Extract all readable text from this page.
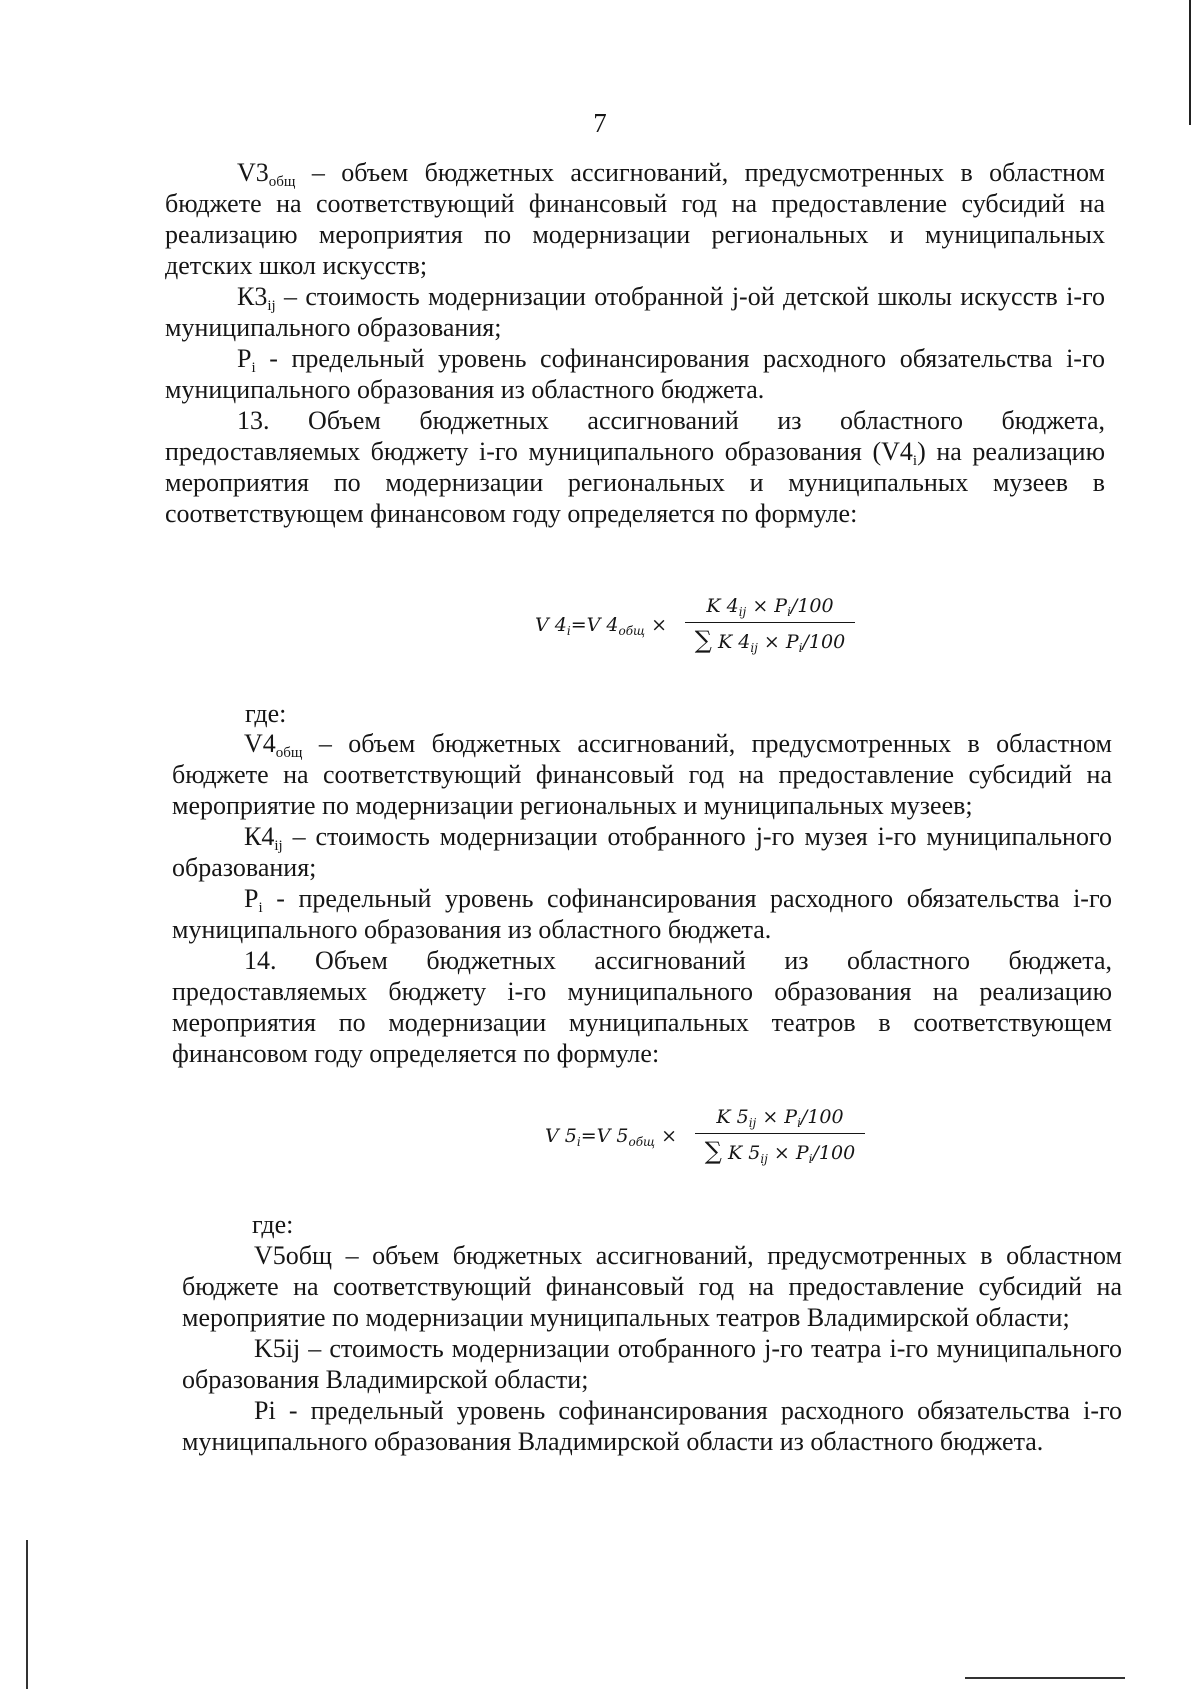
7

$V3_{общ}$ – объем бюджетных ассигнований, предусмотренных в областном бюджете на соответствующий финансовый год на предоставление субсидий на реализацию мероприятия по модернизации региональных и муниципальных детских школ искусств;

$К3_{ij}$ – стоимость модернизации отобранной j-ой детской школы искусств i-го муниципального образования;

$P_i$ - предельный уровень софинансирования расходного обязательства i-го муниципального образования из областного бюджета.

13. Объем бюджетных ассигнований из областного бюджета, предоставляемых бюджету i-го муниципального образования $(V4_i)$ на реализацию мероприятия по модернизации региональных и муниципальных музеев в соответствующем финансовом году определяется по формуле:

V $4_i=V$ $4_{общ}$ ×
K $4_{ij} \times P_i/100$
∑ K $4_{ij} \times P_i/100$
где:

$V4_{общ}$ – объем бюджетных ассигнований, предусмотренных в областном бюджете на соответствующий финансовый год на предоставление субсидий на мероприятие по модернизации региональных и муниципальных музеев;

$К4_{ij}$ – стоимость модернизации отобранного j-го музея i-го муниципального образования;

$P_i$ - предельный уровень софинансирования расходного обязательства i-го муниципального образования из областного бюджета.

14. Объем бюджетных ассигнований из областного бюджета, предоставляемых бюджету i-го муниципального образования на реализацию мероприятия по модернизации муниципальных театров в соответствующем финансовом году определяется по формуле:

V $5_i=V$ $5_{общ}$ ×
K $5_{ij} \times P_i/100$
∑ K $5_{ij} \times P_i/100$
где:

V5общ – объем бюджетных ассигнований, предусмотренных в областном бюджете на соответствующий финансовый год на предоставление субсидий на мероприятие по модернизации муниципальных театров Владимирской области;

K5ij – стоимость модернизации отобранного j-го театра i-го муниципального образования Владимирской области;

Pi - предельный уровень софинансирования расходного обязательства i-го муниципального образования Владимирской области из областного бюджета.
